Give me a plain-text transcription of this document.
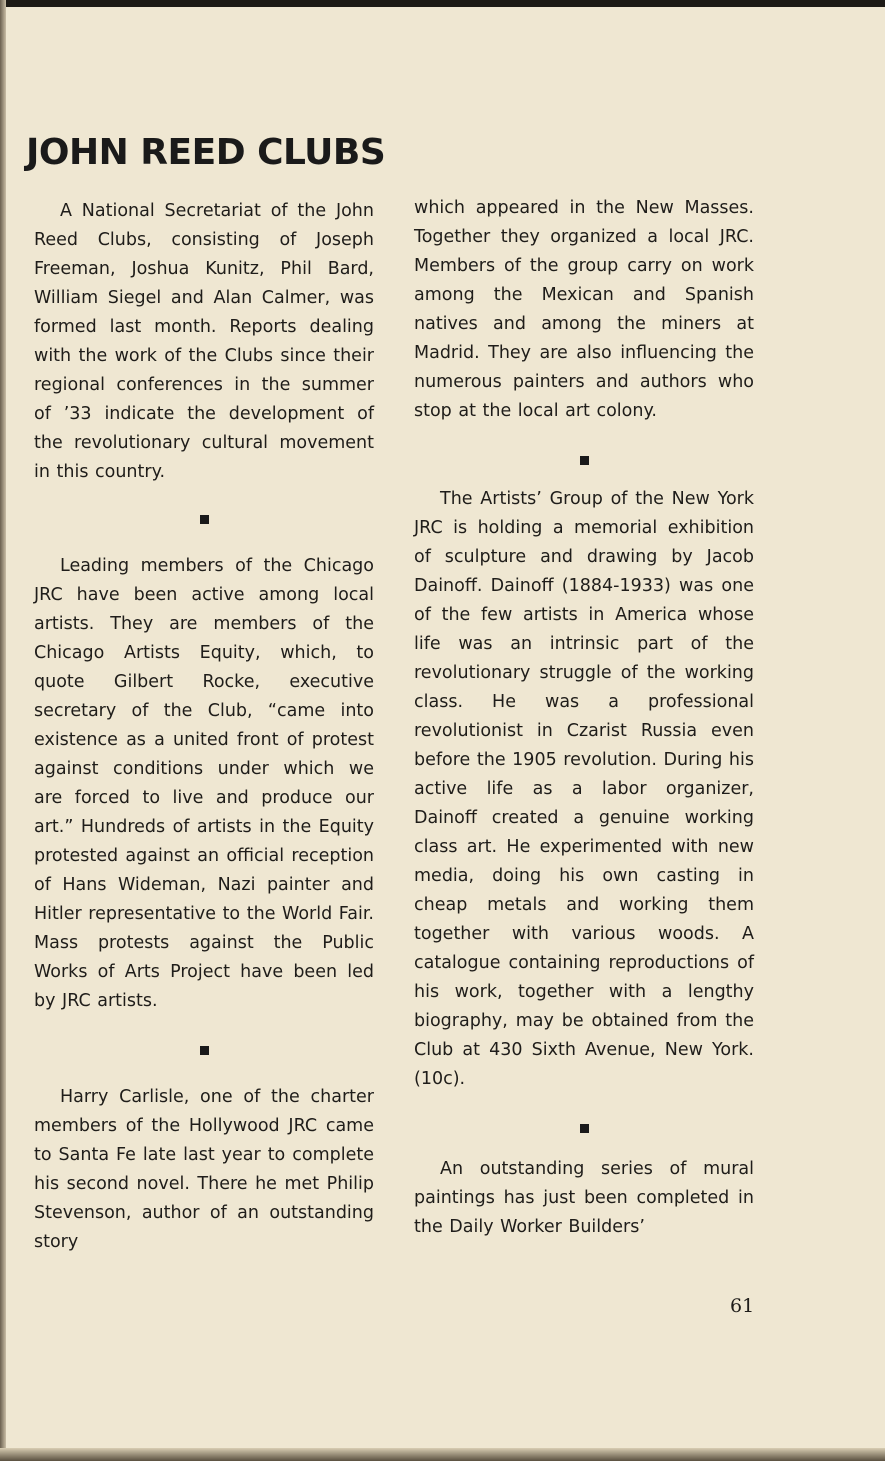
JOHN REED CLUBS

A National Secretariat of the John Reed Clubs, consisting of Joseph Freeman, Joshua Kunitz, Phil Bard, William Siegel and Alan Calmer, was formed last month. Reports dealing with the work of the Clubs since their regional conferences in the summer of ’33 indicate the development of the revolutionary cultural movement in this country.

Leading members of the Chicago JRC have been active among local artists. They are members of the Chicago Artists Equity, which, to quote Gilbert Rocke, executive secretary of the Club, “came into existence as a united front of protest against conditions under which we are forced to live and produce our art.” Hundreds of artists in the Equity protested against an official reception of Hans Wideman, Nazi painter and Hitler representative to the World Fair. Mass protests against the Public Works of Arts Project have been led by JRC artists.

Harry Carlisle, one of the charter members of the Hollywood JRC came to Santa Fe late last year to complete his second novel. There he met Philip Stevenson, author of an outstanding story

which appeared in the New Masses. Together they organized a local JRC. Members of the group carry on work among the Mexican and Spanish natives and among the miners at Madrid. They are also influencing the numerous painters and authors who stop at the local art colony.

The Artists’ Group of the New York JRC is holding a memorial exhibition of sculpture and drawing by Jacob Dainoff. Dainoff (1884-1933) was one of the few artists in America whose life was an intrinsic part of the revolutionary struggle of the working class. He was a professional revolutionist in Czarist Russia even before the 1905 revolution. During his active life as a labor organizer, Dainoff created a genuine working class art. He experimented with new media, doing his own casting in cheap metals and working them together with various woods. A catalogue containing reproductions of his work, together with a lengthy biography, may be obtained from the Club at 430 Sixth Avenue, New York. (10c).

An outstanding series of mural paintings has just been completed in the Daily Worker Builders’

61
